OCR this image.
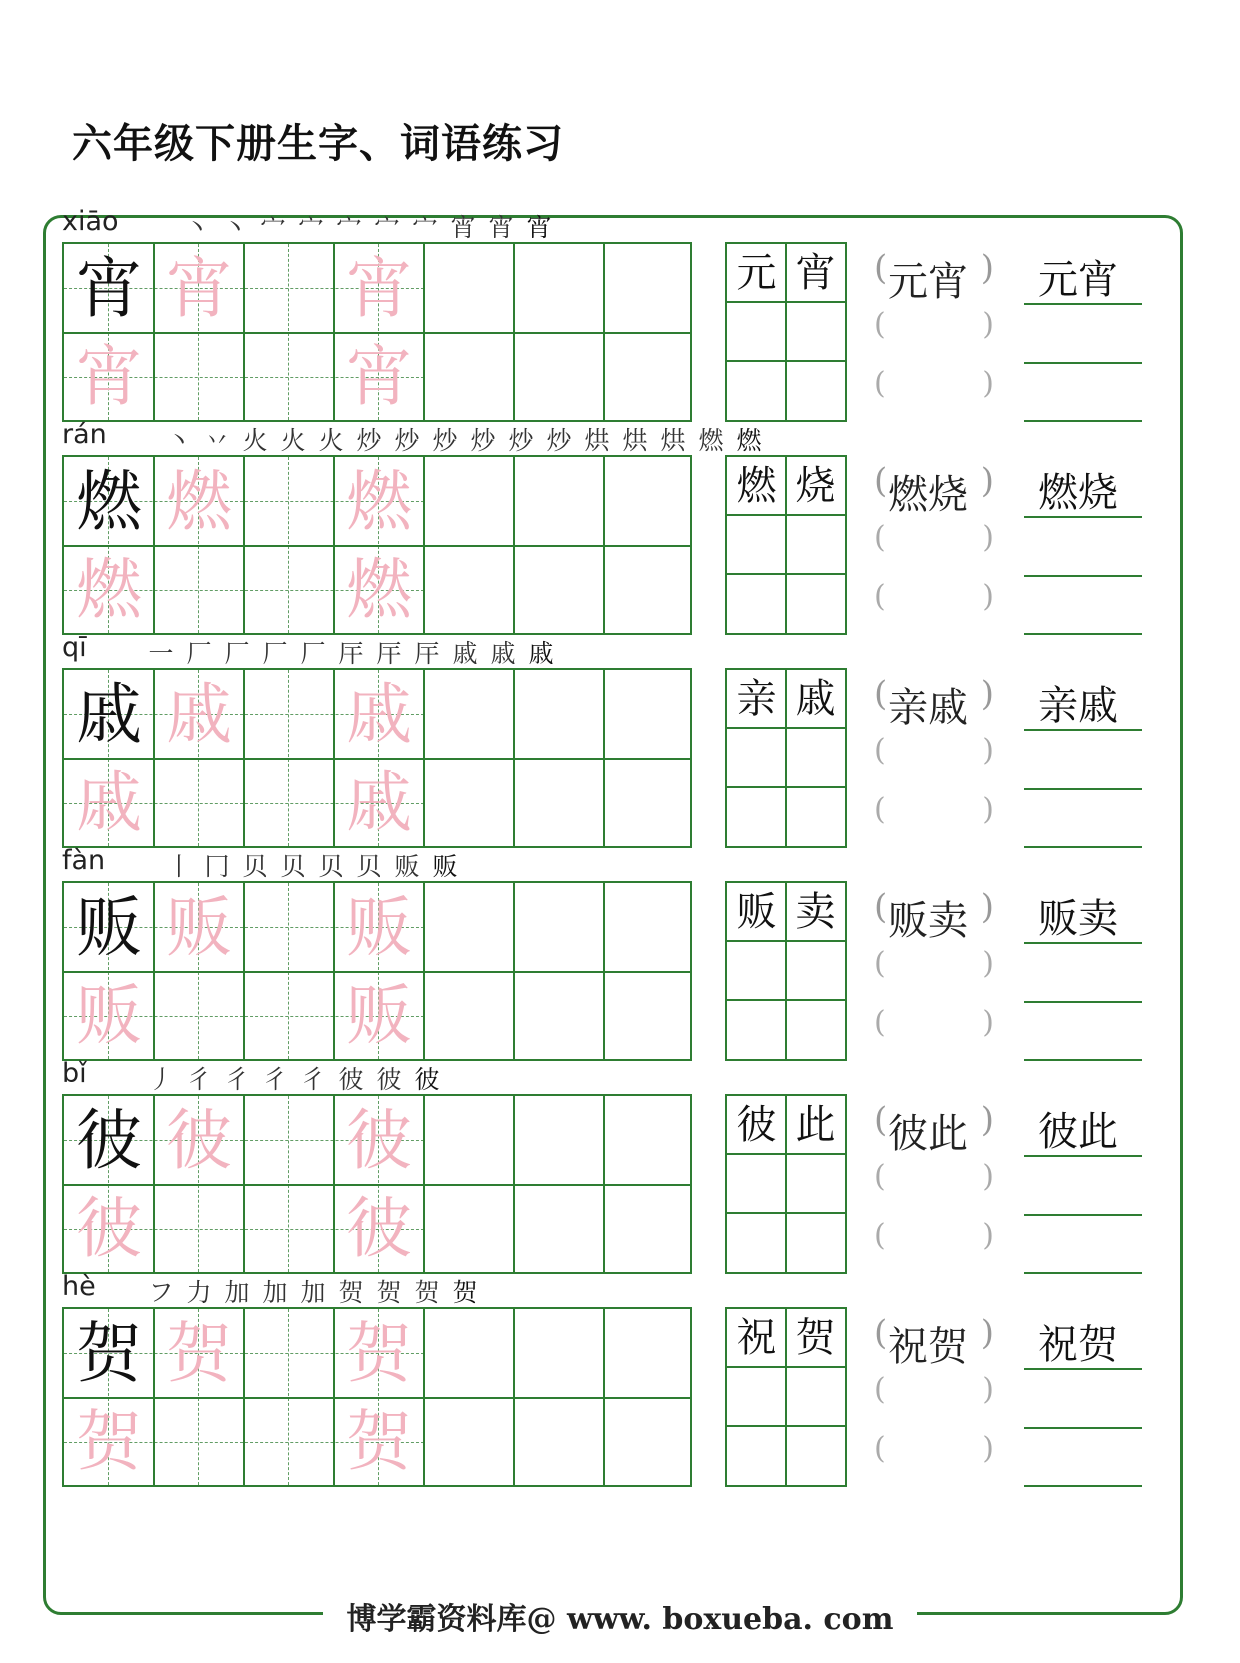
六年级下册生字、词语练习
xiāo	丶 丶 宀 宀 宀 宀 宀 宵 宵 宵
宵 宵 宵
宵	宵
元 宵 (	)
元宵
(	)
(	)
元宵
rán 丶 丷 火 火 火 炒 炒 炒 炒 炒 炒 烘 烘 烘 燃 燃
燃 燃 燃
燃	燃
燃 烧 (	)
燃烧
(	)
(	)
燃烧
qī 一 厂 厂 厂 厂 厈 厈 厈 戚 戚 戚
戚 戚 戚
戚	戚
亲 戚 (	)
亲戚
(	)
(	)
亲戚
fàn 丨 冂 贝 贝 贝 贝 贩 贩
贩 贩 贩
贩	贩
贩 卖 (	)
贩卖
(	)
(	)
贩卖
bǐ 丿 彳 彳 彳 彳 彼 彼 彼
彼 彼 彼
彼	彼
彼 此 (	)
彼此
(	)
(	)
彼此
hè フ 力 加 加 加 贺 贺 贺 贺
贺 贺 贺
贺	贺
祝 贺 (	)
祝贺
(	)
(	)
祝贺
博学霸资料库@ www. boxueba. com
